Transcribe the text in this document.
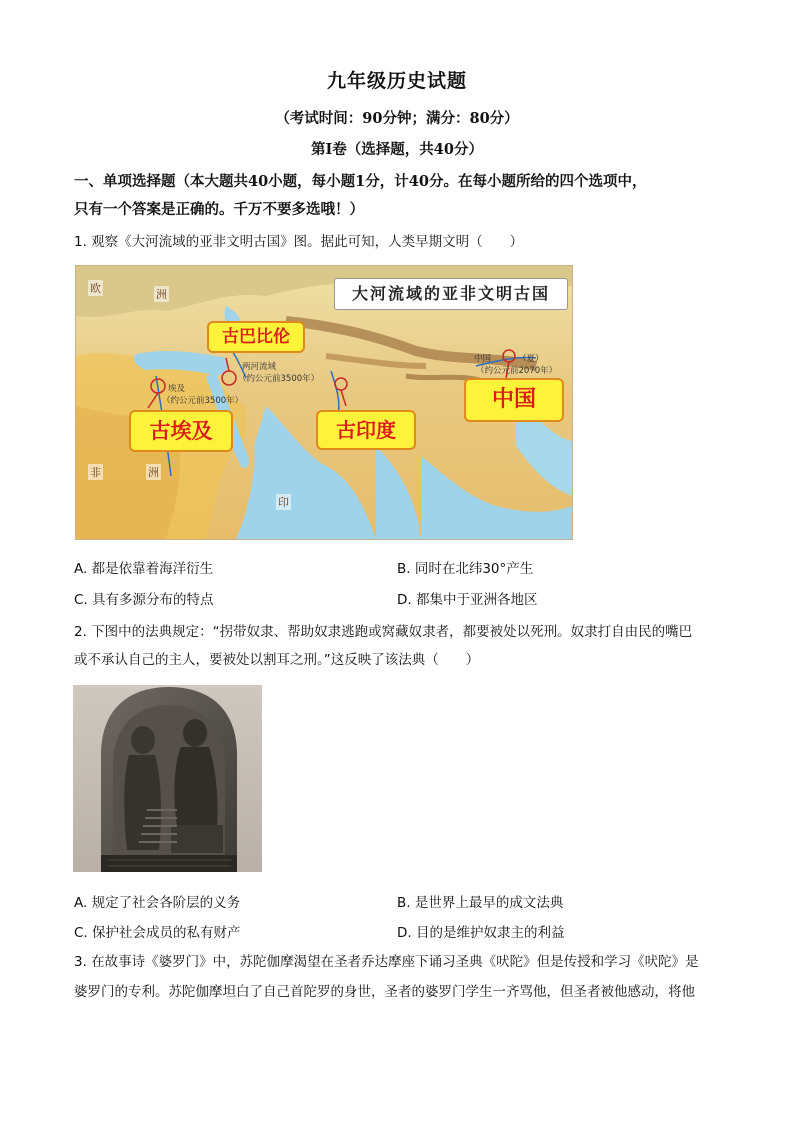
九年级历史试题
（考试时间：90分钟；满分：80分）
第Ⅰ卷（选择题，共40分）
一、单项选择题（本大题共40小题，每小题1分，计40分。在每小题所给的四个选项中，
只有一个答案是正确的。千万不要多选哦！）
1. 观察《大河流域的亚非文明古国》图。据此可知，人类早期文明（　　）
大河流域的亚非文明古国
古巴比伦
古埃及	古印度
中国
埃及
（约公元前3500年）
两河流域
（约公元前3500年）
中国	（夏）
（约公元前2070年）
欧	洲
非	洲
印
A. 都是依靠着海洋衍生	B. 同时在北纬30°产生
C. 具有多源分布的特点	D. 都集中于亚洲各地区
2. 下图中的法典规定：“拐带奴隶、帮助奴隶逃跑或窝藏奴隶者，都要被处以死刑。奴隶打自由民的嘴巴
或不承认自己的主人，要被处以割耳之刑。”这反映了该法典（　　）
A. 规定了社会各阶层的义务	B. 是世界上最早的成文法典
C. 保护社会成员的私有财产	D. 目的是维护奴隶主的利益
3. 在故事诗《婆罗门》中，苏陀伽摩渴望在圣者乔达摩座下诵习圣典《吠陀》但是传授和学习《吠陀》是
婆罗门的专利。苏陀伽摩坦白了自己首陀罗的身世，圣者的婆罗门学生一齐骂他，但圣者被他感动，将他
